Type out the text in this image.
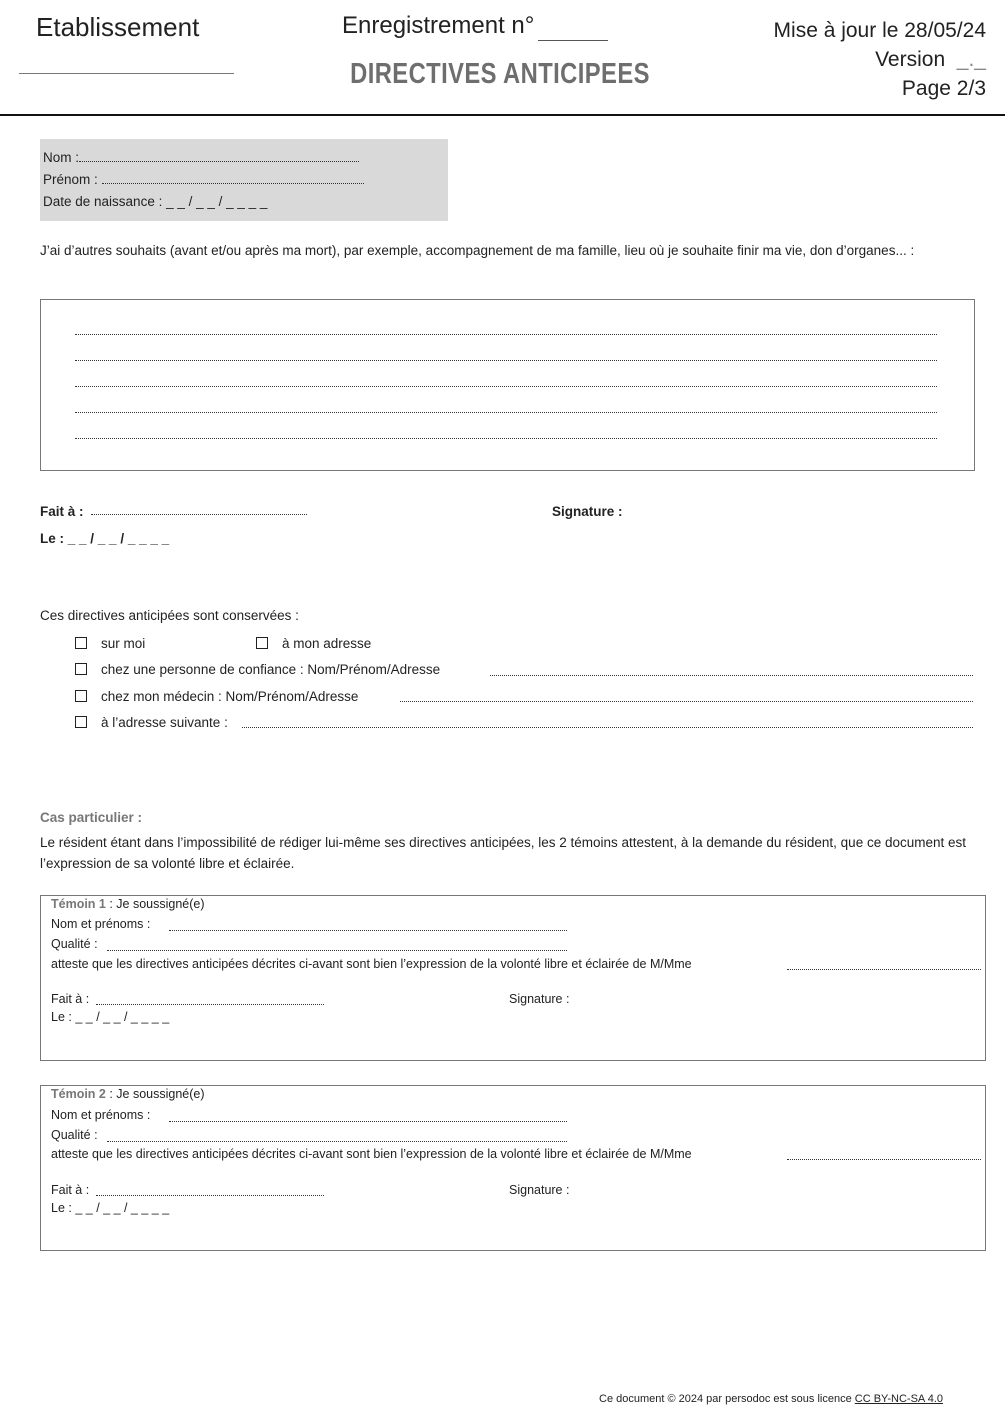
Etablissement	Enregistrement n°
DIRECTIVES ANTICIPEES
Mise à jour le 28/05/24
Version _._
Page 2/3
Nom :
Prénom :
Date de naissance : _ _ / _ _ / _ _ _ _
J’ai d’autres souhaits (avant et/ou après ma mort), par exemple, accompagnement de ma famille, lieu où je souhaite finir ma vie, don d’organes... :
Fait à :	Signature :
Le : _ _ / _ _ / _ _ _ _
Ces directives anticipées sont conservées :
sur moi	à mon adresse
chez une personne de confiance : Nom/Prénom/Adresse
chez mon médecin : Nom/Prénom/Adresse
à l’adresse suivante :
Cas particulier :
Le résident étant dans l’impossibilité de rédiger lui-même ses directives anticipées, les 2 témoins attestent, à la demande du résident, que ce document est l’expression de sa volonté libre et éclairée.
Témoin 1 : Je soussigné(e)
Nom et prénoms :
Qualité :
atteste que les directives anticipées décrites ci-avant sont bien l’expression de la volonté libre et éclairée de M/Mme
Fait à :	Signature :
Le : _ _ / _ _ / _ _ _ _
Témoin 2 : Je soussigné(e)
Nom et prénoms :
Qualité :
atteste que les directives anticipées décrites ci-avant sont bien l’expression de la volonté libre et éclairée de M/Mme
Fait à :	Signature :
Le : _ _ / _ _ / _ _ _ _
Ce document © 2024 par persodoc est sous licence CC BY-NC-SA 4.0
